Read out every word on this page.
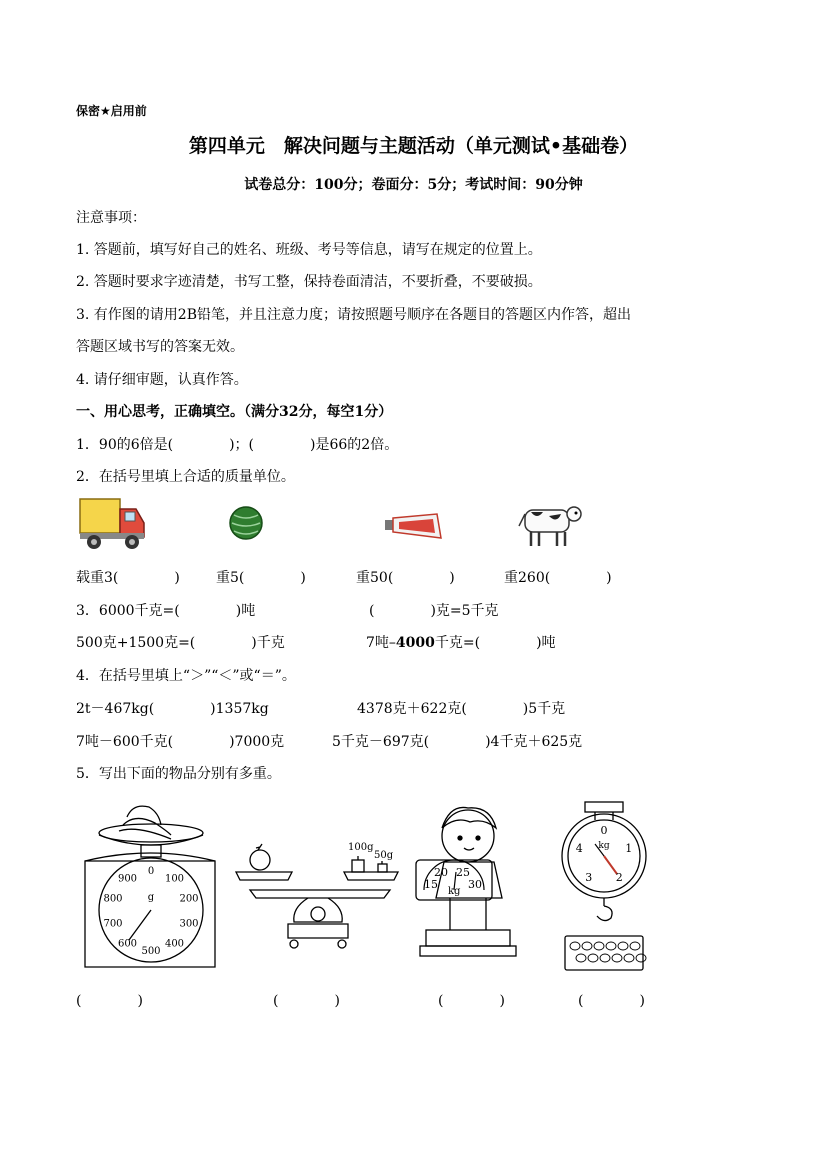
保密★启用前
第四单元　解决问题与主题活动（单元测试•基础卷）
试卷总分：100分；卷面分：5分；考试时间：90分钟
注意事项：
1. 答题前，填写好自己的姓名、班级、考号等信息，请写在规定的位置上。
2. 答题时要求字迹清楚，书写工整，保持卷面清洁，不要折叠，不要破损。
3. 有作图的请用2B铅笔，并且注意力度；请按照题号顺序在各题目的答题区内作答，超出
答题区域书写的答案无效。
4. 请仔细审题，认真作答。
一、用心思考，正确填空。（满分32分，每空1分）
1．90的6倍是(　　　　)；(　　　　)是66的2倍。
2．在括号里填上合适的质量单位。
载重3(　　　　)	重5(　　　　)	重50(　　　　)	重260(　　　　)
3．6000千克=(　　　　)吨	(　　　　)克=5千克
500克+1500克=(　　　　)千克	7吨–4000千克=(　　　　)吨
4．在括号里填上“＞”“＜”或“＝”。
2t－467kg(　　　　)1357kg	4378克＋622克(　　　　)5千克
7吨－600千克(　　　　)7000克	5千克－697克(　　　　)4千克＋625克
5．写出下面的物品分别有多重。
0
100
200
300
400
500
600
700
800
900
g
100g
50g
15
20 25
30
kg
0
1
2
3
4 kg
(　　　　)	(　　　　)	(　　　　)	(　　　　)
